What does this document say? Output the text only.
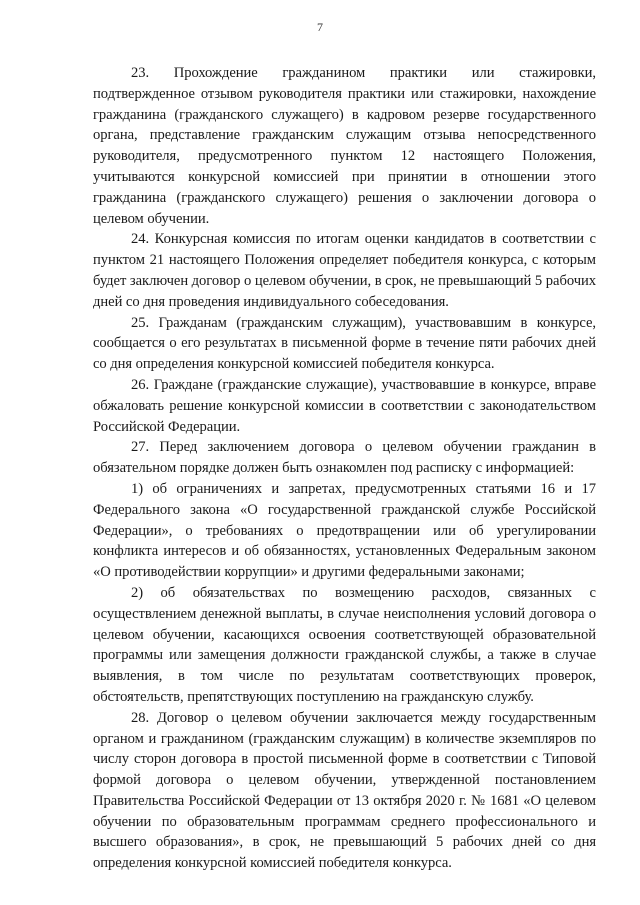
7

23. Прохождение гражданином практики или стажировки, подтвержденное отзывом руководителя практики или стажировки, нахождение гражданина (гражданского служащего) в кадровом резерве государственного органа, представление гражданским служащим отзыва непосредственного руководителя, предусмотренного пунктом 12 настоящего Положения, учитываются конкурсной комиссией при принятии в отношении этого гражданина (гражданского служащего) решения о заключении договора о целевом обучении.

24. Конкурсная комиссия по итогам оценки кандидатов в соответствии с пунктом 21 настоящего Положения определяет победителя конкурса, с которым будет заключен договор о целевом обучении, в срок, не превышающий 5 рабочих дней со дня проведения индивидуального собеседования.

25. Гражданам (гражданским служащим), участвовавшим в конкурсе, сообщается о его результатах в письменной форме в течение пяти рабочих дней со дня определения конкурсной комиссией победителя конкурса.

26. Граждане (гражданские служащие), участвовавшие в конкурсе, вправе обжаловать решение конкурсной комиссии в соответствии с законодательством Российской Федерации.

27. Перед заключением договора о целевом обучении гражданин в обязательном порядке должен быть ознакомлен под расписку с информацией:

1) об ограничениях и запретах, предусмотренных статьями 16 и 17 Федерального закона «О государственной гражданской службе Российской Федерации», о требованиях о предотвращении или об урегулировании конфликта интересов и об обязанностях, установленных Федеральным законом «О противодействии коррупции» и другими федеральными законами;

2) об обязательствах по возмещению расходов, связанных с осуществлением денежной выплаты, в случае неисполнения условий договора о целевом обучении, касающихся освоения соответствующей образовательной программы или замещения должности гражданской службы, а также в случае выявления, в том числе по результатам соответствующих проверок, обстоятельств, препятствующих поступлению на гражданскую службу.

28. Договор о целевом обучении заключается между государственным органом и гражданином (гражданским служащим) в количестве экземпляров по числу сторон договора в простой письменной форме в соответствии с Типовой формой договора о целевом обучении, утвержденной постановлением Правительства Российской Федерации от 13 октября 2020 г. № 1681 «О целевом обучении по образовательным программам среднего профессионального и высшего образования», в срок, не превышающий 5 рабочих дней со дня определения конкурсной комиссией победителя конкурса.
